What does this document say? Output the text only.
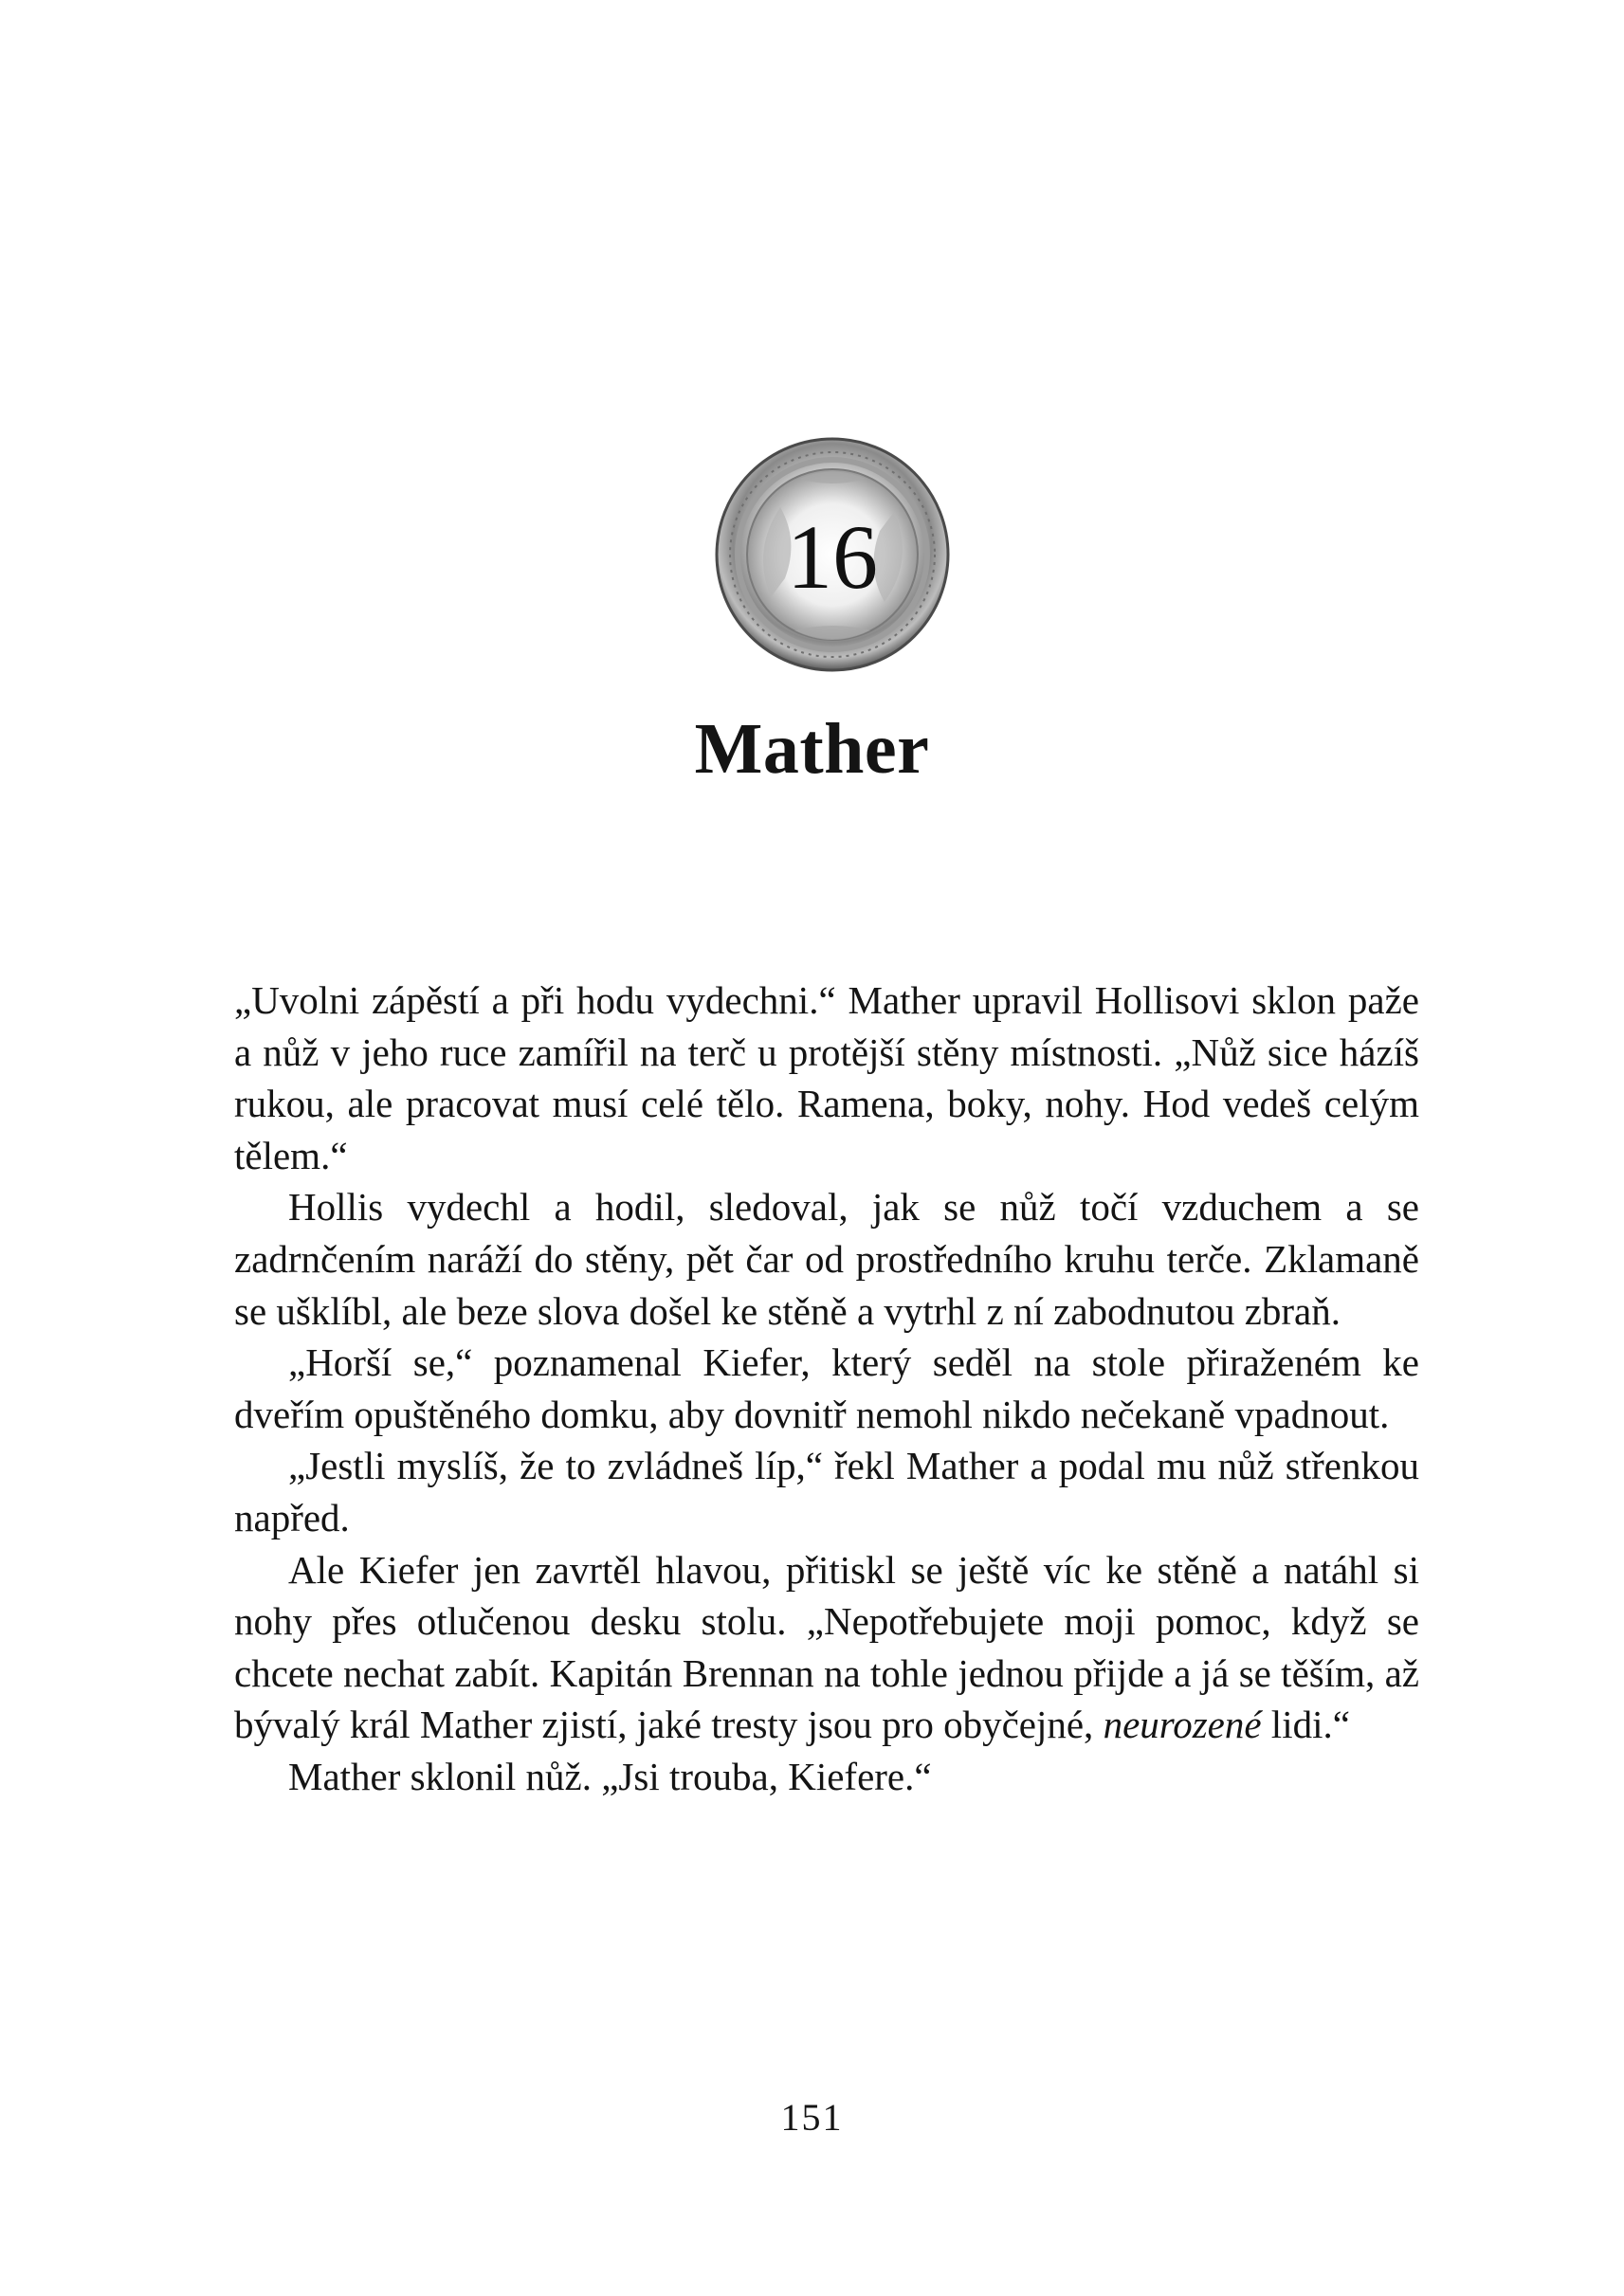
16
Mather

„Uvolni zápěstí a při hodu vydechni.“ Mather upravil Hollisovi sklon paže a nůž v jeho ruce zamířil na terč u protější stěny místnosti. „Nůž sice házíš rukou, ale pracovat musí celé tělo. Ramena, boky, nohy. Hod vedeš celým tělem.“

Hollis vydechl a hodil, sledoval, jak se nůž točí vzduchem a se zadrnčením naráží do stěny, pět čar od prostředního kruhu terče. Zklamaně se ušklíbl, ale beze slova došel ke stěně a vytrhl z ní zabodnutou zbraň.

„Horší se,“ poznamenal Kiefer, který seděl na stole přiraženém ke dveřím opuštěného domku, aby dovnitř nemohl nikdo nečekaně vpadnout.

„Jestli myslíš, že to zvládneš líp,“ řekl Mather a podal mu nůž střenkou napřed.

Ale Kiefer jen zavrtěl hlavou, přitiskl se ještě víc ke stěně a natáhl si nohy přes otlučenou desku stolu. „Nepotřebujete moji pomoc, když se chcete nechat zabít. Kapitán Brennan na tohle jednou přijde a já se těším, až bývalý král Mather zjistí, jaké tresty jsou pro obyčejné, neurozené lidi.“

Mather sklonil nůž. „Jsi trouba, Kiefere.“

151
